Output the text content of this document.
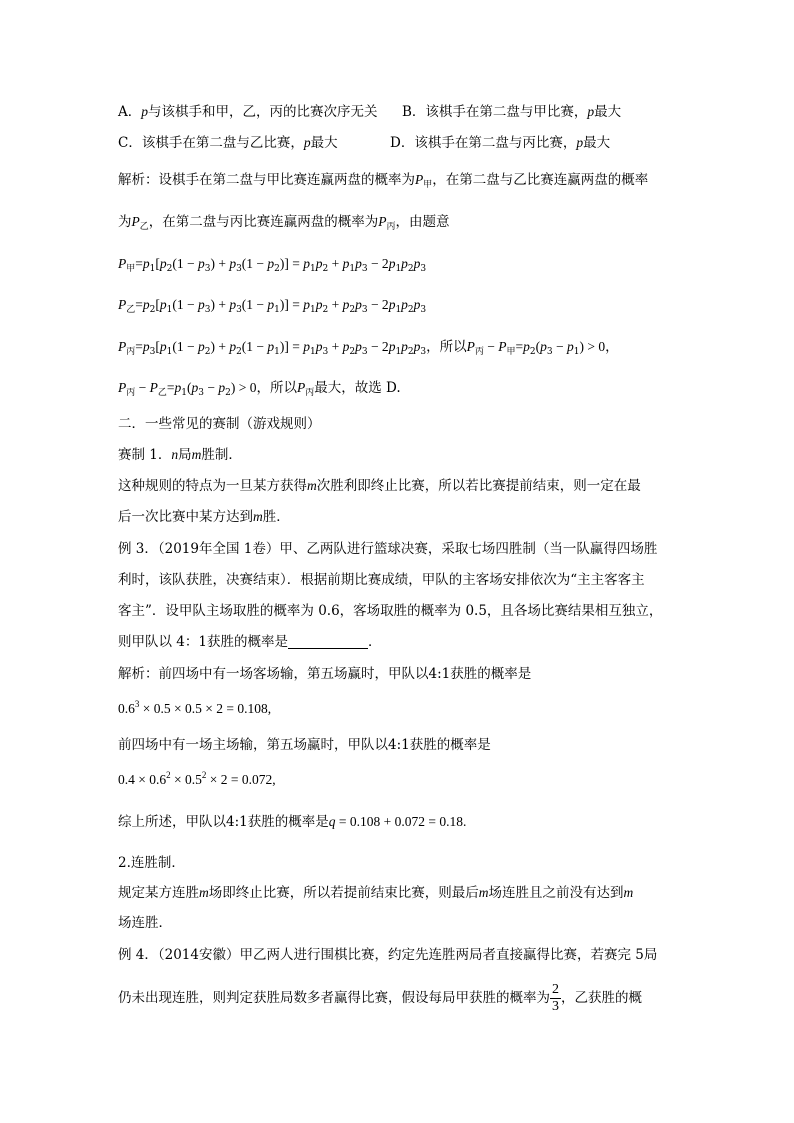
A．p与该棋手和甲，乙，丙的比赛次序无关 B．该棋手在第二盘与甲比赛，p最大
C．该棋手在第二盘与乙比赛，p最大	D．该棋手在第二盘与丙比赛，p最大
解析：设棋手在第二盘与甲比赛连赢两盘的概率为$P_甲$，在第二盘与乙比赛连赢两盘的概率
为$P_乙$，在第二盘与丙比赛连赢两盘的概率为$P_丙$，由题意
$P_甲=p_1[p_2(1 - p_3) + p_3(1 - p_2)] = p_1p_2 + p_1p_3 - 2p_1p_2p_3$
$P_乙=p_2[p_1(1 - p_3) + p_3(1 - p_1)] = p_1p_2 + p_2p_3 - 2p_1p_2p_3$
$P_丙=p_3[p_1(1 - p_2) + p_2(1 - p_1)] = p_1p_3 + p_2p_3 - 2p_1p_2p_3$，所以$P_丙 - P_甲=p_2(p_3 - p_1) > 0$，
$P_丙 - P_乙=p_1(p_3 - p_2) > 0$，所以$P_丙$最大，故选 D.
二．一些常见的赛制（游戏规则）
赛制 1．n局m胜制．
这种规则的特点为一旦某方获得m次胜利即终止比赛，所以若比赛提前结束，则一定在最
后一次比赛中某方达到m胜．
例 3．（2019年全国 1卷）甲、乙两队进行篮球决赛，采取七场四胜制（当一队赢得四场胜
利时，该队获胜，决赛结束）．根据前期比赛成绩，甲队的主客场安排依次为“主主客客主
客主”．设甲队主场取胜的概率为 0.6，客场取胜的概率为 0.5，且各场比赛结果相互独立，
则甲队以 4：1获胜的概率是	．
解析：前四场中有一场客场输，第五场赢时，甲队以4:1获胜的概率是
$0.6^3 \times 0.5 \times 0.5 \times 2 = 0.108$,
前四场中有一场主场输，第五场赢时，甲队以4:1获胜的概率是
$0.4 \times 0.6^2 \times 0.5^2 \times 2 = 0.072$,
综上所述，甲队以4:1获胜的概率是q = 0.108 + 0.072 = 0.18.
2.连胜制．
规定某方连胜m场即终止比赛，所以若提前结束比赛，则最后m场连胜且之前没有达到m
场连胜．
例 4．（2014安徽）甲乙两人进行围棋比赛，约定先连胜两局者直接赢得比赛，若赛完 5局
仍未出现连胜，则判定获胜局数多者赢得比赛，假设每局甲获胜的概率为 $\frac{2}{3}$ ，乙获胜的概
